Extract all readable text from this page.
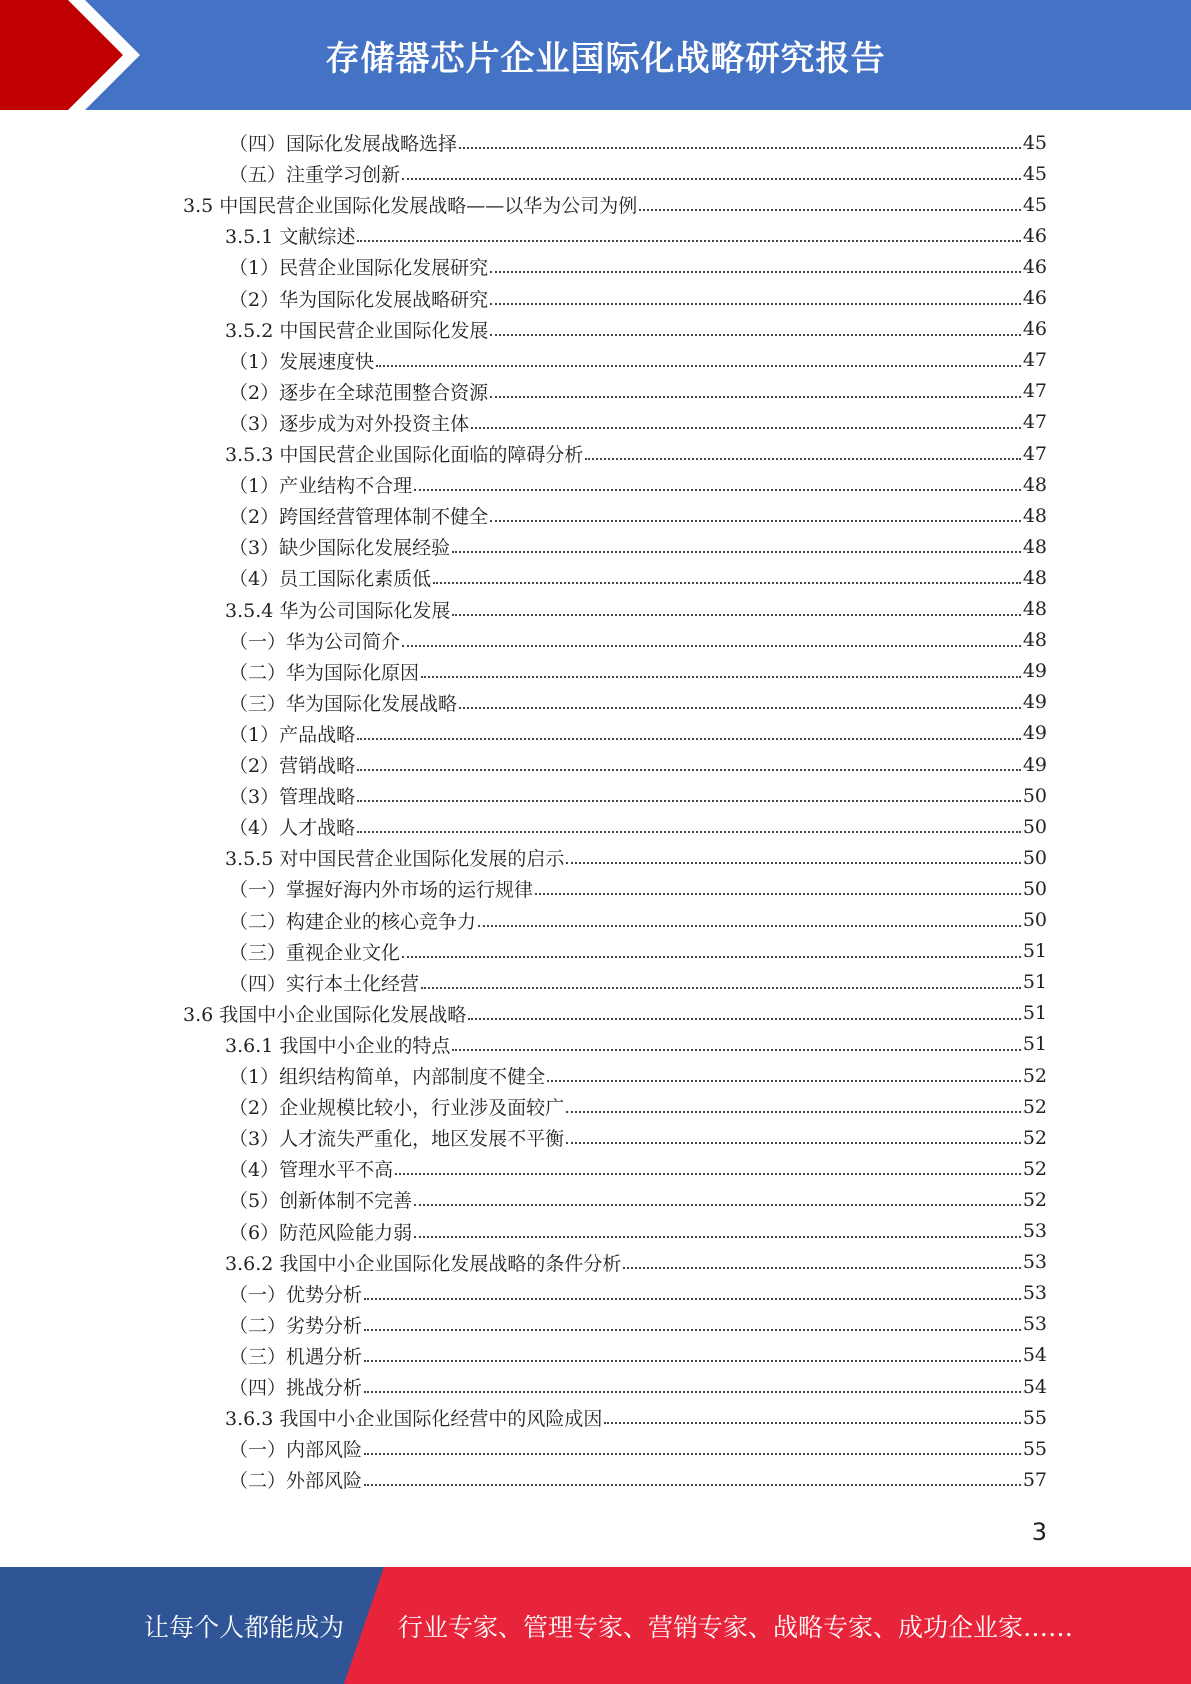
存储器芯片企业国际化战略研究报告
（四）国际化发展战略选择	45
（五）注重学习创新	45
3.5 中国民营企业国际化发展战略——以华为公司为例	45
3.5.1 文献综述	46
（1）民营企业国际化发展研究	46
（2）华为国际化发展战略研究	46
3.5.2 中国民营企业国际化发展	46
（1）发展速度快	47
（2）逐步在全球范围整合资源	47
（3）逐步成为对外投资主体	47
3.5.3 中国民营企业国际化面临的障碍分析	47
（1）产业结构不合理	48
（2）跨国经营管理体制不健全	48
（3）缺少国际化发展经验	48
（4）员工国际化素质低	48
3.5.4 华为公司国际化发展	48
（一）华为公司简介	48
（二）华为国际化原因	49
（三）华为国际化发展战略	49
（1）产品战略	49
（2）营销战略	49
（3）管理战略	50
（4）人才战略	50
3.5.5 对中国民营企业国际化发展的启示	50
（一）掌握好海内外市场的运行规律	50
（二）构建企业的核心竞争力	50
（三）重视企业文化	51
（四）实行本土化经营	51
3.6 我国中小企业国际化发展战略	51
3.6.1 我国中小企业的特点	51
（1）组织结构简单，内部制度不健全	52
（2）企业规模比较小，行业涉及面较广	52
（3）人才流失严重化，地区发展不平衡	52
（4）管理水平不高	52
（5）创新体制不完善	52
（6）防范风险能力弱	53
3.6.2 我国中小企业国际化发展战略的条件分析	53
（一）优势分析	53
（二）劣势分析	53
（三）机遇分析	54
（四）挑战分析	54
3.6.3 我国中小企业国际化经营中的风险成因	55
（一）内部风险	55
（二）外部风险	57
3
让每个人都能成为 行业专家、管理专家、营销专家、战略专家、成功企业家……
